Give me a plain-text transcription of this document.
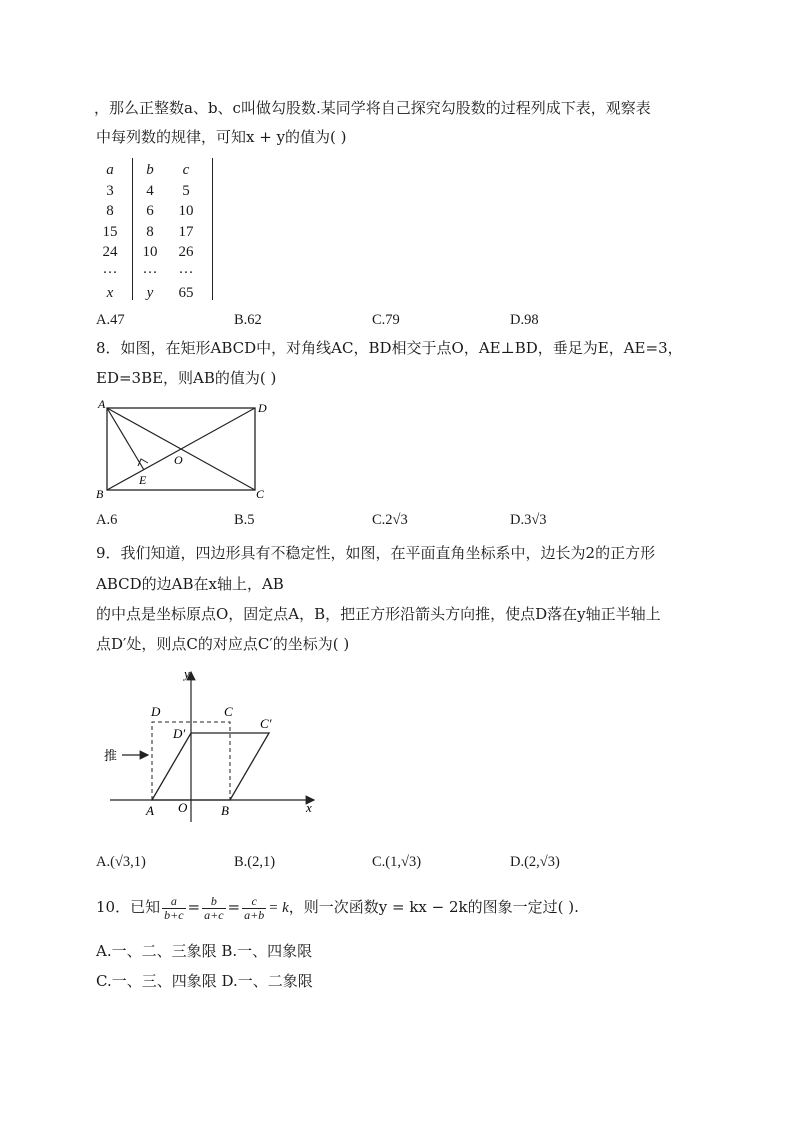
，那么正整数a、b、c叫做勾股数.某同学将自己探究勾股数的过程列成下表，观察表
中每列数的规律，可知x + y的值为( )
a	b	c
3	4	5
8	6	10
15	8	17
24	10	26
···	···	···
x	y	65
A.47	B.62	C.79	D.98
8．如图，在矩形ABCD中，对角线AC，BD相交于点O，AE⊥BD，垂足为E，AE=3，
ED=3BE，则AB的值为( )
A	D
B	C
O
E
A.6	B.5	C.2√3	D.3√3
9．我们知道，四边形具有不稳定性，如图，在平面直角坐标系中，边长为2的正方形
ABCD的边AB在x轴上，AB
的中点是坐标原点O，固定点A，B，把正方形沿箭头方向推，使点D落在y轴正半轴上
点D′处，则点C的对应点C′的坐标为( )
y
x
D	C
D′
C′
推
A O	B
A.(√3,1)	B.(2,1)	C.(1,√3)	D.(2,√3)
10．已知 $\frac{a}{b+c} = \frac{b}{a+c} = \frac{c}{a+b} = k$，则一次函数y = kx − 2k的图象一定过( ).
A.一、二、三象限 B.一、四象限
C.一、三、四象限 D.一、二象限
